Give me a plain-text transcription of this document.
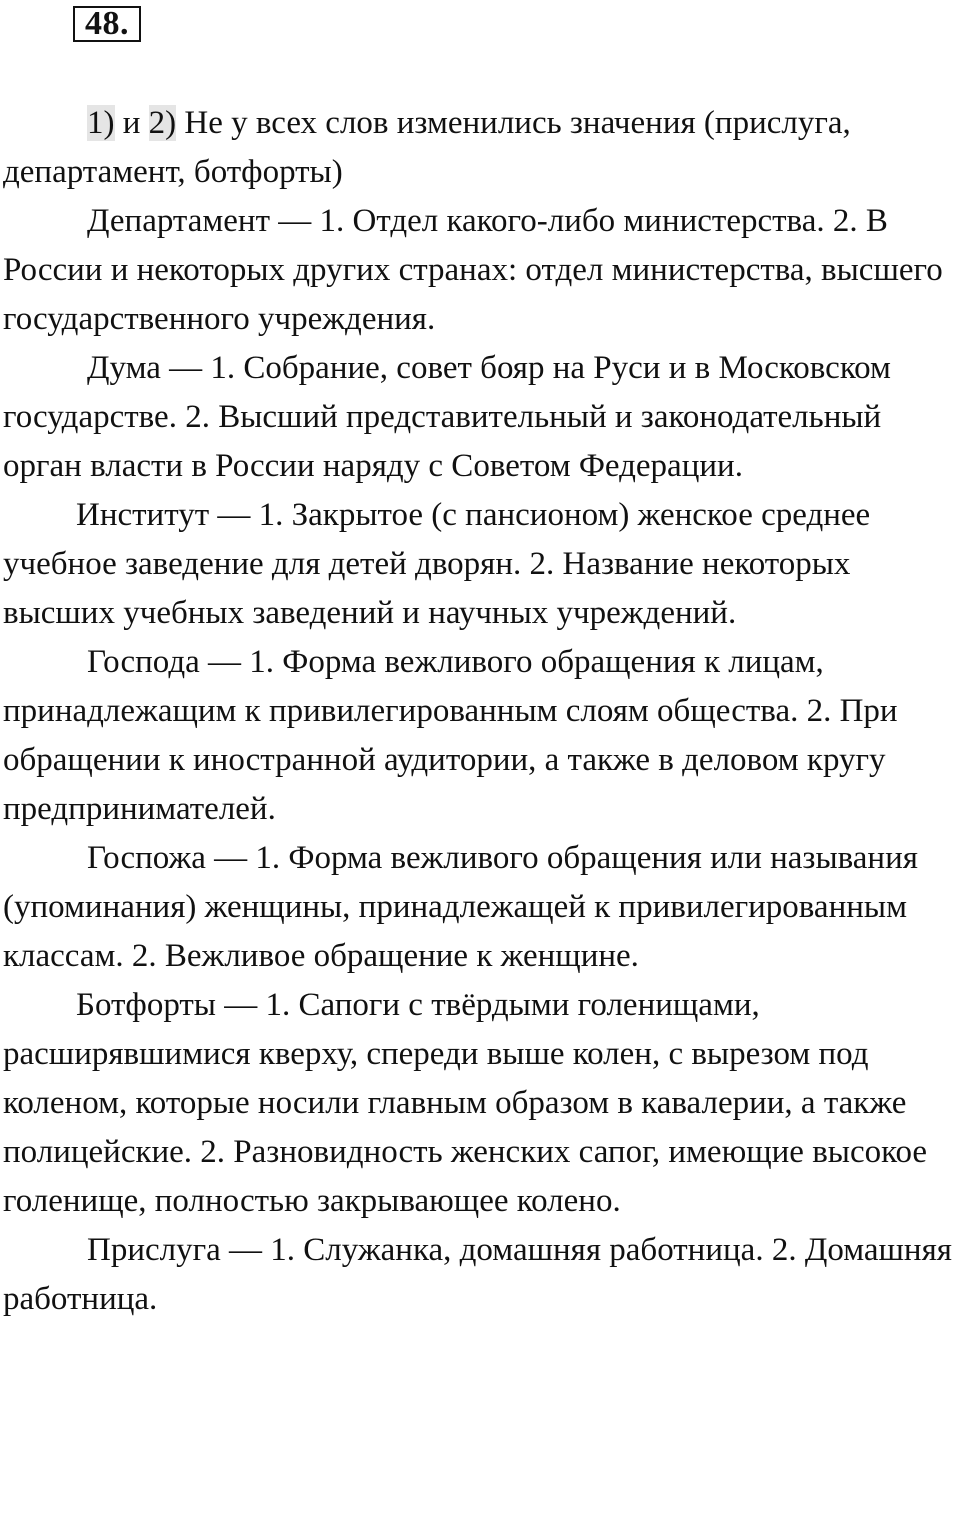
48.

1) и 2) Не у всех слов изменились значения (прислуга, департамент, ботфорты)

Департамент — 1. Отдел какого-либо министерства. 2. В России и некоторых других странах: отдел министерства, высшего государственного учреждения.

Дума — 1. Собрание, совет бояр на Руси и в Московском государстве. 2. Высший представительный и законодательный орган власти в России наряду с Советом Федерации.

Институт — 1. Закрытое (с пансионом) женское среднее учебное заведение для детей дворян. 2. Название некоторых высших учебных заведений и научных учреждений.

Господа — 1. Форма вежливого обращения к лицам, принадлежащим к привилегированным слоям общества. 2. При обращении к иностранной аудитории, а также в деловом кругу предпринимателей.

Госпожа — 1. Форма вежливого обращения или называния (упоминания) женщины, принадлежащей к привилегированным классам. 2. Вежливое обращение к женщине.

Ботфорты — 1. Сапоги с твёрдыми голенищами, расширявшимися кверху, спереди выше колен, с вырезом под коленом, которые носили главным образом в кавалерии, а также полицейские. 2. Разновидность женских сапог, имеющие высокое голенище, полностью закрывающее колено.

Прислуга — 1. Служанка, домашняя работница. 2. Домашняя работница.
